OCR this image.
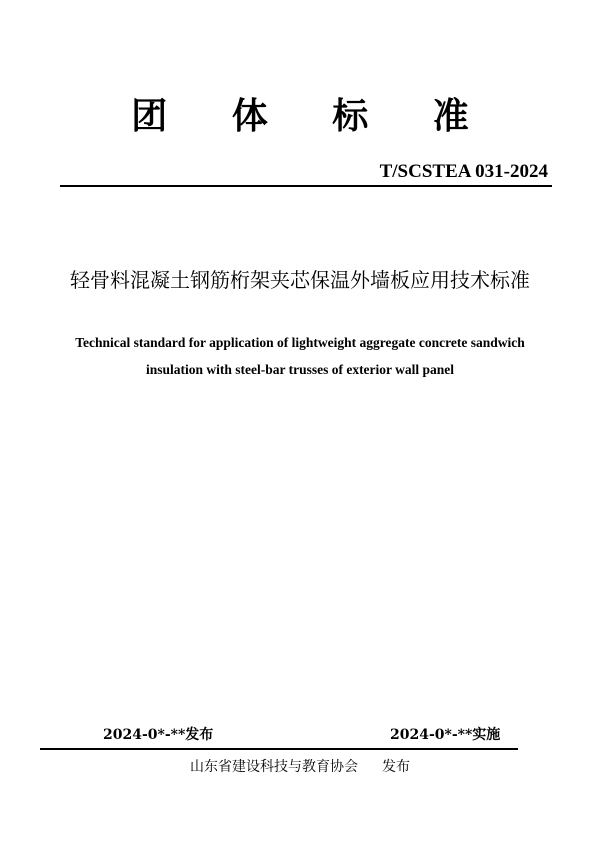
团 体 标 准
T/SCSTEA 031-2024
轻骨料混凝土钢筋桁架夹芯保温外墙板应用技术标准
Technical standard for application of lightweight aggregate concrete sandwich
insulation with steel-bar trusses of exterior wall panel
2024-0*-**发布	2024-0*-**实施
山东省建设科技与教育协会 发布
